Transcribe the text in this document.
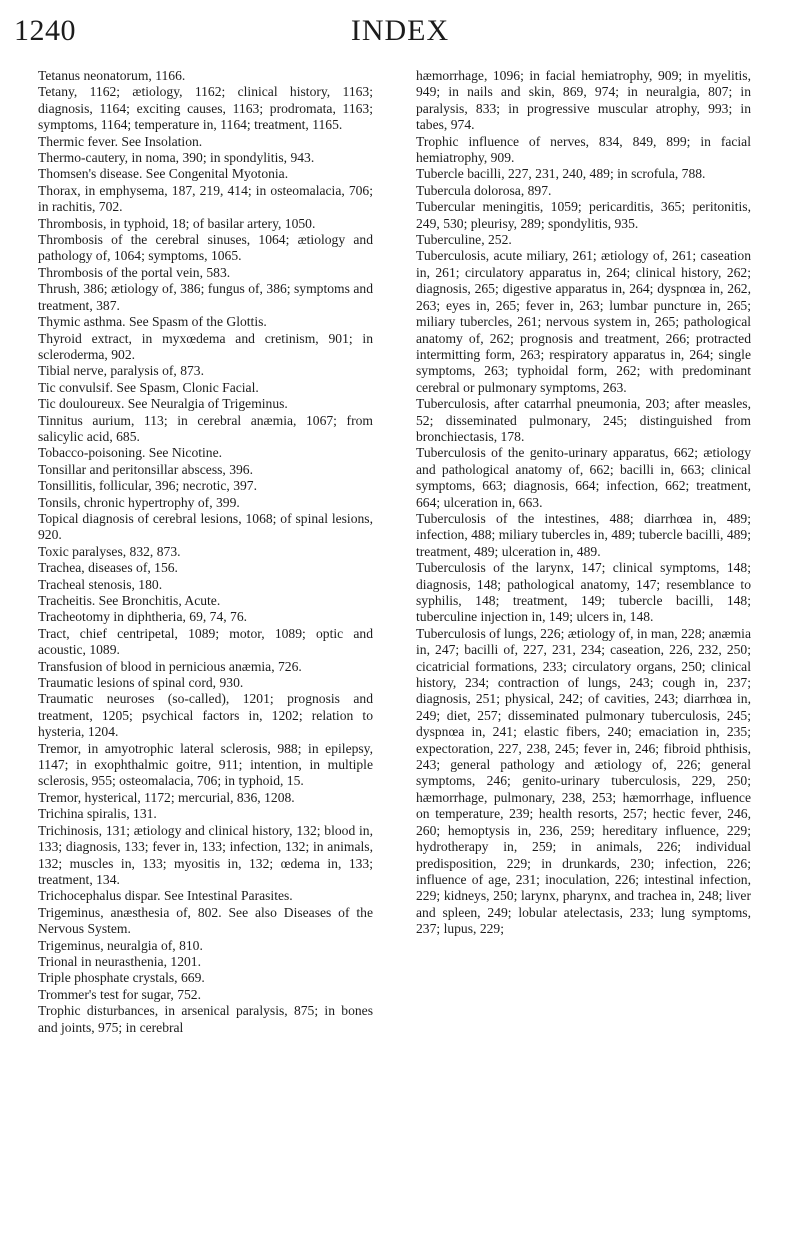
1240	INDEX

Tetanus neonatorum, 1166.

Tetany, 1162; ætiology, 1162; clinical history, 1163; diagnosis, 1164; exciting causes, 1163; prodromata, 1163; symptoms, 1164; temperature in, 1164; treatment, 1165.

Thermic fever. See Insolation.

Thermo-cautery, in noma, 390; in spondylitis, 943.

Thomsen's disease. See Congenital Myotonia.

Thorax, in emphysema, 187, 219, 414; in osteomalacia, 706; in rachitis, 702.

Thrombosis, in typhoid, 18; of basilar artery, 1050.

Thrombosis of the cerebral sinuses, 1064; ætiology and pathology of, 1064; symptoms, 1065.

Thrombosis of the portal vein, 583.

Thrush, 386; ætiology of, 386; fungus of, 386; symptoms and treatment, 387.

Thymic asthma. See Spasm of the Glottis.

Thyroid extract, in myxœdema and cretinism, 901; in scleroderma, 902.

Tibial nerve, paralysis of, 873.

Tic convulsif. See Spasm, Clonic Facial.

Tic douloureux. See Neuralgia of Trigeminus.

Tinnitus aurium, 113; in cerebral anæmia, 1067; from salicylic acid, 685.

Tobacco-poisoning. See Nicotine.

Tonsillar and peritonsillar abscess, 396.

Tonsillitis, follicular, 396; necrotic, 397.

Tonsils, chronic hypertrophy of, 399.

Topical diagnosis of cerebral lesions, 1068; of spinal lesions, 920.

Toxic paralyses, 832, 873.

Trachea, diseases of, 156.

Tracheal stenosis, 180.

Tracheitis. See Bronchitis, Acute.

Tracheotomy in diphtheria, 69, 74, 76.

Tract, chief centripetal, 1089; motor, 1089; optic and acoustic, 1089.

Transfusion of blood in pernicious anæmia, 726.

Traumatic lesions of spinal cord, 930.

Traumatic neuroses (so-called), 1201; prognosis and treatment, 1205; psychical factors in, 1202; relation to hysteria, 1204.

Tremor, in amyotrophic lateral sclerosis, 988; in epilepsy, 1147; in exophthalmic goitre, 911; intention, in multiple sclerosis, 955; osteomalacia, 706; in typhoid, 15.

Tremor, hysterical, 1172; mercurial, 836, 1208.

Trichina spiralis, 131.

Trichinosis, 131; ætiology and clinical history, 132; blood in, 133; diagnosis, 133; fever in, 133; infection, 132; in animals, 132; muscles in, 133; myositis in, 132; œdema in, 133; treatment, 134.

Trichocephalus dispar. See Intestinal Parasites.

Trigeminus, anæsthesia of, 802. See also Diseases of the Nervous System.

Trigeminus, neuralgia of, 810.

Trional in neurasthenia, 1201.

Triple phosphate crystals, 669.

Trommer's test for sugar, 752.

Trophic disturbances, in arsenical paralysis, 875; in bones and joints, 975; in cerebral

hæmorrhage, 1096; in facial hemiatrophy, 909; in myelitis, 949; in nails and skin, 869, 974; in neuralgia, 807; in paralysis, 833; in progressive muscular atrophy, 993; in tabes, 974.

Trophic influence of nerves, 834, 849, 899; in facial hemiatrophy, 909.

Tubercle bacilli, 227, 231, 240, 489; in scrofula, 788.

Tubercula dolorosa, 897.

Tubercular meningitis, 1059; pericarditis, 365; peritonitis, 249, 530; pleurisy, 289; spondylitis, 935.

Tuberculine, 252.

Tuberculosis, acute miliary, 261; ætiology of, 261; caseation in, 261; circulatory apparatus in, 264; clinical history, 262; diagnosis, 265; digestive apparatus in, 264; dyspnœa in, 262, 263; eyes in, 265; fever in, 263; lumbar puncture in, 265; miliary tubercles, 261; nervous system in, 265; pathological anatomy of, 262; prognosis and treatment, 266; protracted intermitting form, 263; respiratory apparatus in, 264; single symptoms, 263; typhoidal form, 262; with predominant cerebral or pulmonary symptoms, 263.

Tuberculosis, after catarrhal pneumonia, 203; after measles, 52; disseminated pulmonary, 245; distinguished from bronchiectasis, 178.

Tuberculosis of the genito-urinary apparatus, 662; ætiology and pathological anatomy of, 662; bacilli in, 663; clinical symptoms, 663; diagnosis, 664; infection, 662; treatment, 664; ulceration in, 663.

Tuberculosis of the intestines, 488; diarrhœa in, 489; infection, 488; miliary tubercles in, 489; tubercle bacilli, 489; treatment, 489; ulceration in, 489.

Tuberculosis of the larynx, 147; clinical symptoms, 148; diagnosis, 148; pathological anatomy, 147; resemblance to syphilis, 148; treatment, 149; tubercle bacilli, 148; tuberculine injection in, 149; ulcers in, 148.

Tuberculosis of lungs, 226; ætiology of, in man, 228; anæmia in, 247; bacilli of, 227, 231, 234; caseation, 226, 232, 250; cicatricial formations, 233; circulatory organs, 250; clinical history, 234; contraction of lungs, 243; cough in, 237; diagnosis, 251; physical, 242; of cavities, 243; diarrhœa in, 249; diet, 257; disseminated pulmonary tuberculosis, 245; dyspnœa in, 241; elastic fibers, 240; emaciation in, 235; expectoration, 227, 238, 245; fever in, 246; fibroid phthisis, 243; general pathology and ætiology of, 226; general symptoms, 246; genito-urinary tuberculosis, 229, 250; hæmorrhage, pulmonary, 238, 253; hæmorrhage, influence on temperature, 239; health resorts, 257; hectic fever, 246, 260; hemoptysis in, 236, 259; hereditary influence, 229; hydrotherapy in, 259; in animals, 226; individual predisposition, 229; in drunkards, 230; infection, 226; influence of age, 231; inoculation, 226; intestinal infection, 229; kidneys, 250; larynx, pharynx, and trachea in, 248; liver and spleen, 249; lobular atelectasis, 233; lung symptoms, 237; lupus, 229;
